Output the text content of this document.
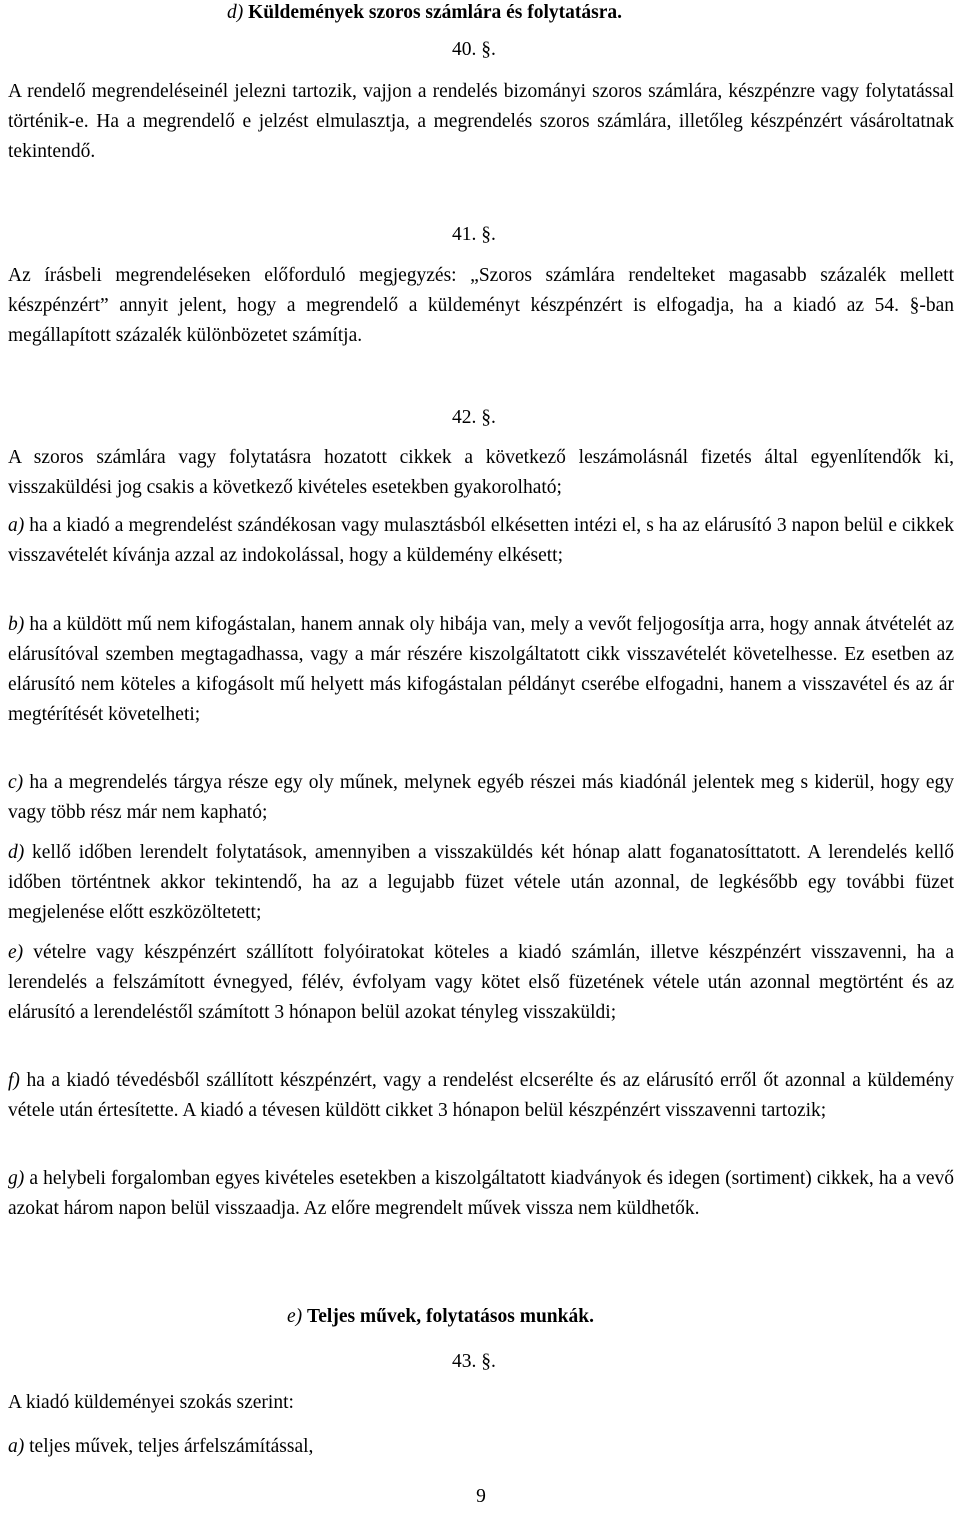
d) Küldemények szoros számlára és folytatásra.
40. §.

A rendelő megrendeléseinél jelezni tartozik, vajjon a rendelés bizományi szoros számlára, készpénzre vagy folytatással történik-e. Ha a megrendelő e jelzést elmulasztja, a megrendelés szoros számlára, illetőleg készpénzért vásároltatnak tekintendő.

41. §.

Az írásbeli megrendeléseken előforduló megjegyzés: „Szoros számlára rendelteket magasabb százalék mellett készpénzért” annyit jelent, hogy a megrendelő a küldeményt készpénzért is elfogadja, ha a kiadó az 54. §-ban megállapított százalék különbözetet számítja.

42. §.

A szoros számlára vagy folytatásra hozatott cikkek a következő leszámolásnál fizetés által egyenlítendők ki, visszaküldési jog csakis a következő kivételes esetekben gyakorolható;

a) ha a kiadó a megrendelést szándékosan vagy mulasztásból elkésetten intézi el, s ha az elárusító 3 napon belül e cikkek visszavételét kívánja azzal az indokolással, hogy a küldemény elkésett;

b) ha a küldött mű nem kifogástalan, hanem annak oly hibája van, mely a vevőt feljogosítja arra, hogy annak átvételét az elárusítóval szemben megtagadhassa, vagy a már részére kiszolgáltatott cikk visszavételét követelhesse. Ez esetben az elárusító nem köteles a kifogásolt mű helyett más kifogástalan példányt cserébe elfogadni, hanem a visszavétel és az ár megtérítését követelheti;

c) ha a megrendelés tárgya része egy oly műnek, melynek egyéb részei más kiadónál jelentek meg s kiderül, hogy egy vagy több rész már nem kapható;

d) kellő időben lerendelt folytatások, amennyiben a visszaküldés két hónap alatt foganatosíttatott. A lerendelés kellő időben történtnek akkor tekintendő, ha az a legujabb füzet vétele után azonnal, de legkésőbb egy további füzet megjelenése előtt eszközöltetett;

e) vételre vagy készpénzért szállított folyóiratokat köteles a kiadó számlán, illetve készpénzért visszavenni, ha a lerendelés a felszámított évnegyed, félév, évfolyam vagy kötet első füzetének vétele után azonnal megtörtént és az elárusító a lerendeléstől számított 3 hónapon belül azokat tényleg visszaküldi;

f) ha a kiadó tévedésből szállított készpénzért, vagy a rendelést elcserélte és az elárusító erről őt azonnal a küldemény vétele után értesítette. A kiadó a tévesen küldött cikket 3 hónapon belül készpénzért visszavenni tartozik;

g) a helybeli forgalomban egyes kivételes esetekben a kiszolgáltatott kiadványok és idegen (sortiment) cikkek, ha a vevő azokat három napon belül visszaadja. Az előre megrendelt művek vissza nem küldhetők.

e) Teljes művek, folytatásos munkák.
43. §.

A kiadó küldeményei szokás szerint:

a) teljes művek, teljes árfelszámítással,

9
